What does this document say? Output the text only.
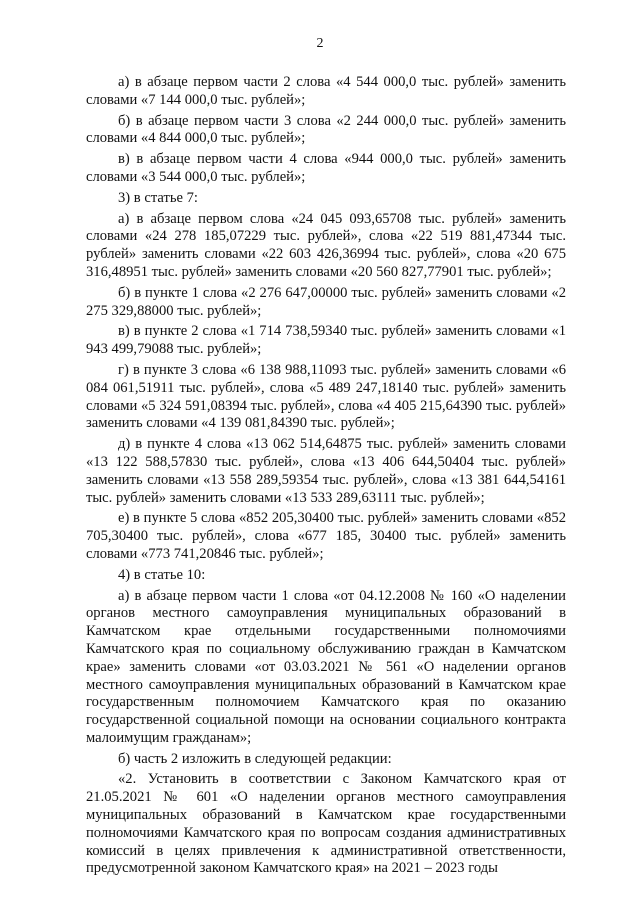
2

а) в абзаце первом части 2 слова «4 544 000,0 тыс. рублей» заменить словами «7 144 000,0 тыс. рублей»;

б) в абзаце первом части 3 слова «2 244 000,0 тыс. рублей» заменить словами «4 844 000,0 тыс. рублей»;

в) в абзаце первом части 4 слова «944 000,0 тыс. рублей» заменить словами «3 544 000,0 тыс. рублей»;

3) в статье 7:

а) в абзаце первом слова «24 045 093,65708 тыс. рублей» заменить словами «24 278 185,07229 тыс. рублей», слова «22 519 881,47344 тыс. рублей» заменить словами «22 603 426,36994 тыс. рублей», слова «20 675 316,48951 тыс. рублей» заменить словами «20 560 827,77901 тыс. рублей»;

б) в пункте 1 слова «2 276 647,00000 тыс. рублей» заменить словами «2 275 329,88000 тыс. рублей»;

в) в пункте 2 слова «1 714 738,59340 тыс. рублей» заменить словами «1 943 499,79088 тыс. рублей»;

г) в пункте 3 слова «6 138 988,11093 тыс. рублей» заменить словами «6 084 061,51911 тыс. рублей», слова «5 489 247,18140 тыс. рублей» заменить словами «5 324 591,08394 тыс. рублей», слова «4 405 215,64390 тыс. рублей» заменить словами «4 139 081,84390 тыс. рублей»;

д) в пункте 4 слова «13 062 514,64875 тыс. рублей» заменить словами «13 122 588,57830 тыс. рублей», слова «13 406 644,50404 тыс. рублей» заменить словами «13 558 289,59354 тыс. рублей», слова «13 381 644,54161 тыс. рублей» заменить словами «13 533 289,63111 тыс. рублей»;

е) в пункте 5 слова «852 205,30400 тыс. рублей» заменить словами «852 705,30400 тыс. рублей», слова «677 185, 30400 тыс. рублей» заменить словами «773 741,20846 тыс. рублей»;

4) в статье 10:

а) в абзаце первом части 1 слова «от 04.12.2008 № 160 «О наделении органов местного самоуправления муниципальных образований в Камчатском крае отдельными государственными полномочиями Камчатского края по социальному обслуживанию граждан в Камчатском крае» заменить словами «от 03.03.2021 № 561 «О наделении органов местного самоуправления муниципальных образований в Камчатском крае государственным полномочием Камчатского края по оказанию государственной социальной помощи на основании социального контракта малоимущим гражданам»;

б) часть 2 изложить в следующей редакции:

«2. Установить в соответствии с Законом Камчатского края от 21.05.2021 № 601 «О наделении органов местного самоуправления муниципальных образований в Камчатском крае государственными полномочиями Камчатского края по вопросам создания административных комиссий в целях привлечения к административной ответственности, предусмотренной законом Камчатского края» на 2021 – 2023 годы
